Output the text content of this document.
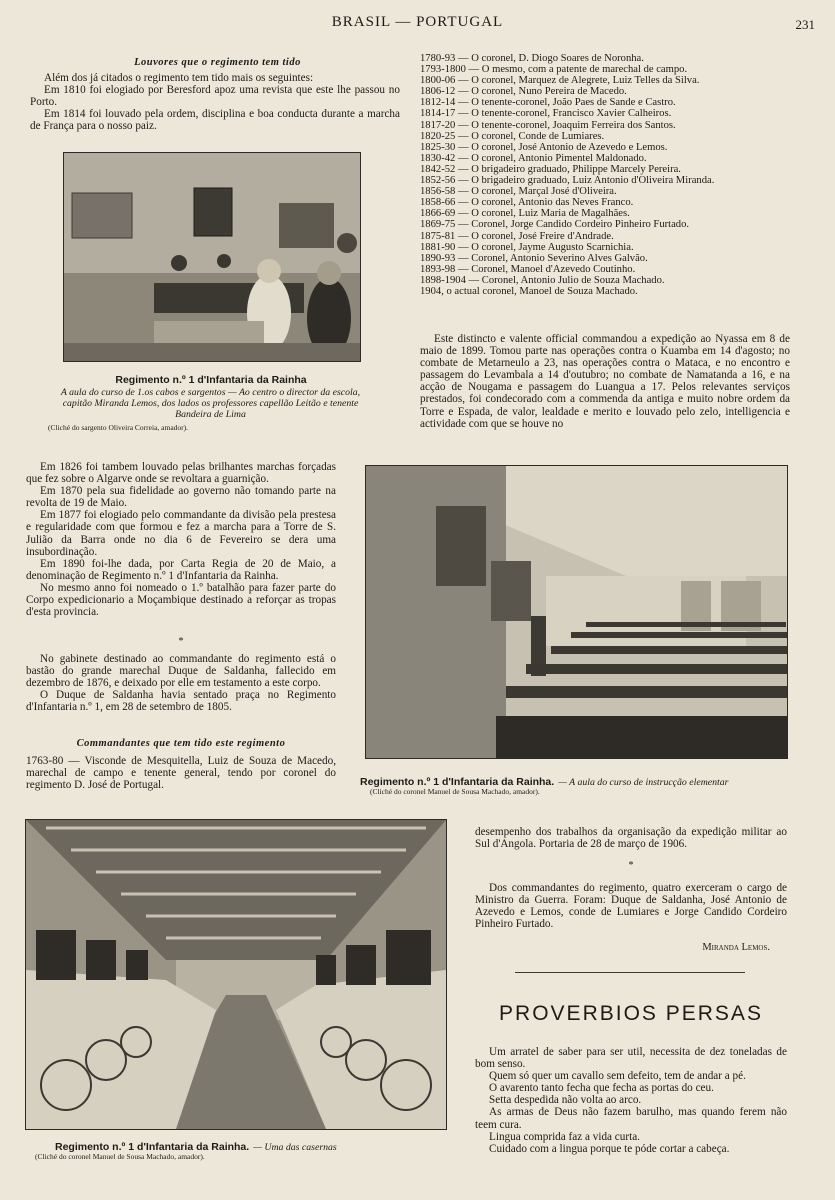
BRASIL — PORTUGAL	231
Louvores que o regimento tem tido

Além dos já citados o regimento tem tido mais os seguintes:

Em 1810 foi elogiado por Beresford apoz uma revista que este lhe passou no Porto.

Em 1814 foi louvado pela ordem, disciplina e boa conducta durante a marcha de França para o nosso paiz.

Regimento n.º 1 d'Infantaria da Rainha
A aula do curso de 1.os cabos e sargentos — Ao centro o director da escola, capitão Miranda Lemos, dos lados os professores capellão Leitão e tenente Bandeira de Lima
(Cliché do sargento Oliveira Correia, amador).

Em 1826 foi tambem louvado pelas brilhantes marchas forçadas que fez sobre o Algarve onde se revoltara a guarnição.

Em 1870 pela sua fidelidade ao governo não tomando parte na revolta de 19 de Maio.

Em 1877 foi elogiado pelo commandante da divisão pela prestesa e regularidade com que formou e fez a marcha para a Torre de S. Julião da Barra onde no dia 6 de Fevereiro se dera uma insubordinação.

Em 1890 foi-lhe dada, por Carta Regia de 20 de Maio, a denominação de Regimento n.º 1 d'Infantaria da Rainha.

No mesmo anno foi nomeado o 1.º batalhão para fazer parte do Corpo expedicionario a Moçambique destinado a reforçar as tropas d'esta provincia.

*

No gabinete destinado ao commandante do regimento está o bastão do grande marechal Duque de Saldanha, fallecido em dezembro de 1876, e deixado por elle em testamento a este corpo.

O Duque de Saldanha havia sentado praça no Regimento d'Infantaria n.º 1, em 28 de setembro de 1805.

Commandantes que tem tido este regimento

1763-80 — Visconde de Mesquitella, Luiz de Souza de Macedo, marechal de campo e tenente general, tendo por coronel do regimento D. José de Portugal.

1780-93 — O coronel, D. Diogo Soares de Noronha.
1793-1800 — O mesmo, com a patente de marechal de campo.
1800-06 — O coronel, Marquez de Alegrete, Luiz Telles da Silva.
1806-12 — O coronel, Nuno Pereira de Macedo.
1812-14 — O tenente-coronel, João Paes de Sande e Castro.
1814-17 — O tenente-coronel, Francisco Xavier Calheiros.
1817-20 — O tenente-coronel, Joaquim Ferreira dos Santos.
1820-25 — O coronel, Conde de Lumiares.
1825-30 — O coronel, José Antonio de Azevedo e Lemos.
1830-42 — O coronel, Antonio Pimentel Maldonado.
1842-52 — O brigadeiro graduado, Philippe Marcely Pereira.
1852-56 — O brigadeiro graduado, Luiz Antonio d'Oliveira Miranda.
1856-58 — O coronel, Marçal José d'Oliveira.
1858-66 — O coronel, Antonio das Neves Franco.
1866-69 — O coronel, Luiz Maria de Magalhães.
1869-75 — Coronel, Jorge Candido Cordeiro Pinheiro Furtado.
1875-81 — O coronel, José Freire d'Andrade.
1881-90 — O coronel, Jayme Augusto Scarnichia.
1890-93 — Coronel, Antonio Severino Alves Galvão.
1893-98 — Coronel, Manoel d'Azevedo Coutinho.
1898-1904 — Coronel, Antonio Julio de Souza Machado.
1904, o actual coronel, Manoel de Souza Machado.

Este distincto e valente official commandou a expedição ao Nyassa em 8 de maio de 1899. Tomou parte nas operações contra o Kuamba em 14 d'agosto; no combate de Metarneulo a 23, nas operações contra o Mataca, e no encontro e passagem do Levambala a 14 d'outubro; no combate de Namatanda a 16, e na acção de Nougama e passagem do Luangua a 17. Pelos relevantes serviços prestados, foi condecorado com a commenda da antiga e muito nobre ordem da Torre e Espada, de valor, lealdade e merito e louvado pelo zelo, intelligencia e actividade com que se houve no

Regimento n.º 1 d'Infantaria da Rainha. — A aula do curso de instrucção elementar
(Cliché do coronel Manuel de Sousa Machado, amador).
Regimento n.º 1 d'Infantaria da Rainha. — Uma das casernas
(Cliché do coronel Manuel de Sousa Machado, amador).

desempenho dos trabalhos da organisação da expedição militar ao Sul d'Angola. Portaria de 28 de março de 1906.

*

Dos commandantes do regimento, quatro exerceram o cargo de Ministro da Guerra. Foram: Duque de Saldanha, José Antonio de Azevedo e Lemos, conde de Lumiares e Jorge Candido Cordeiro Pinheiro Furtado.

Miranda Lemos.
PROVERBIOS PERSAS

Um arratel de saber para ser util, necessita de dez toneladas de bom senso.

Quem só quer um cavallo sem defeito, tem de andar a pé.

O avarento tanto fecha que fecha as portas do ceu.

Setta despedida não volta ao arco.

As armas de Deus não fazem barulho, mas quando ferem não teem cura.

Lingua comprida faz a vida curta.

Cuidado com a lingua porque te póde cortar a cabeça.
